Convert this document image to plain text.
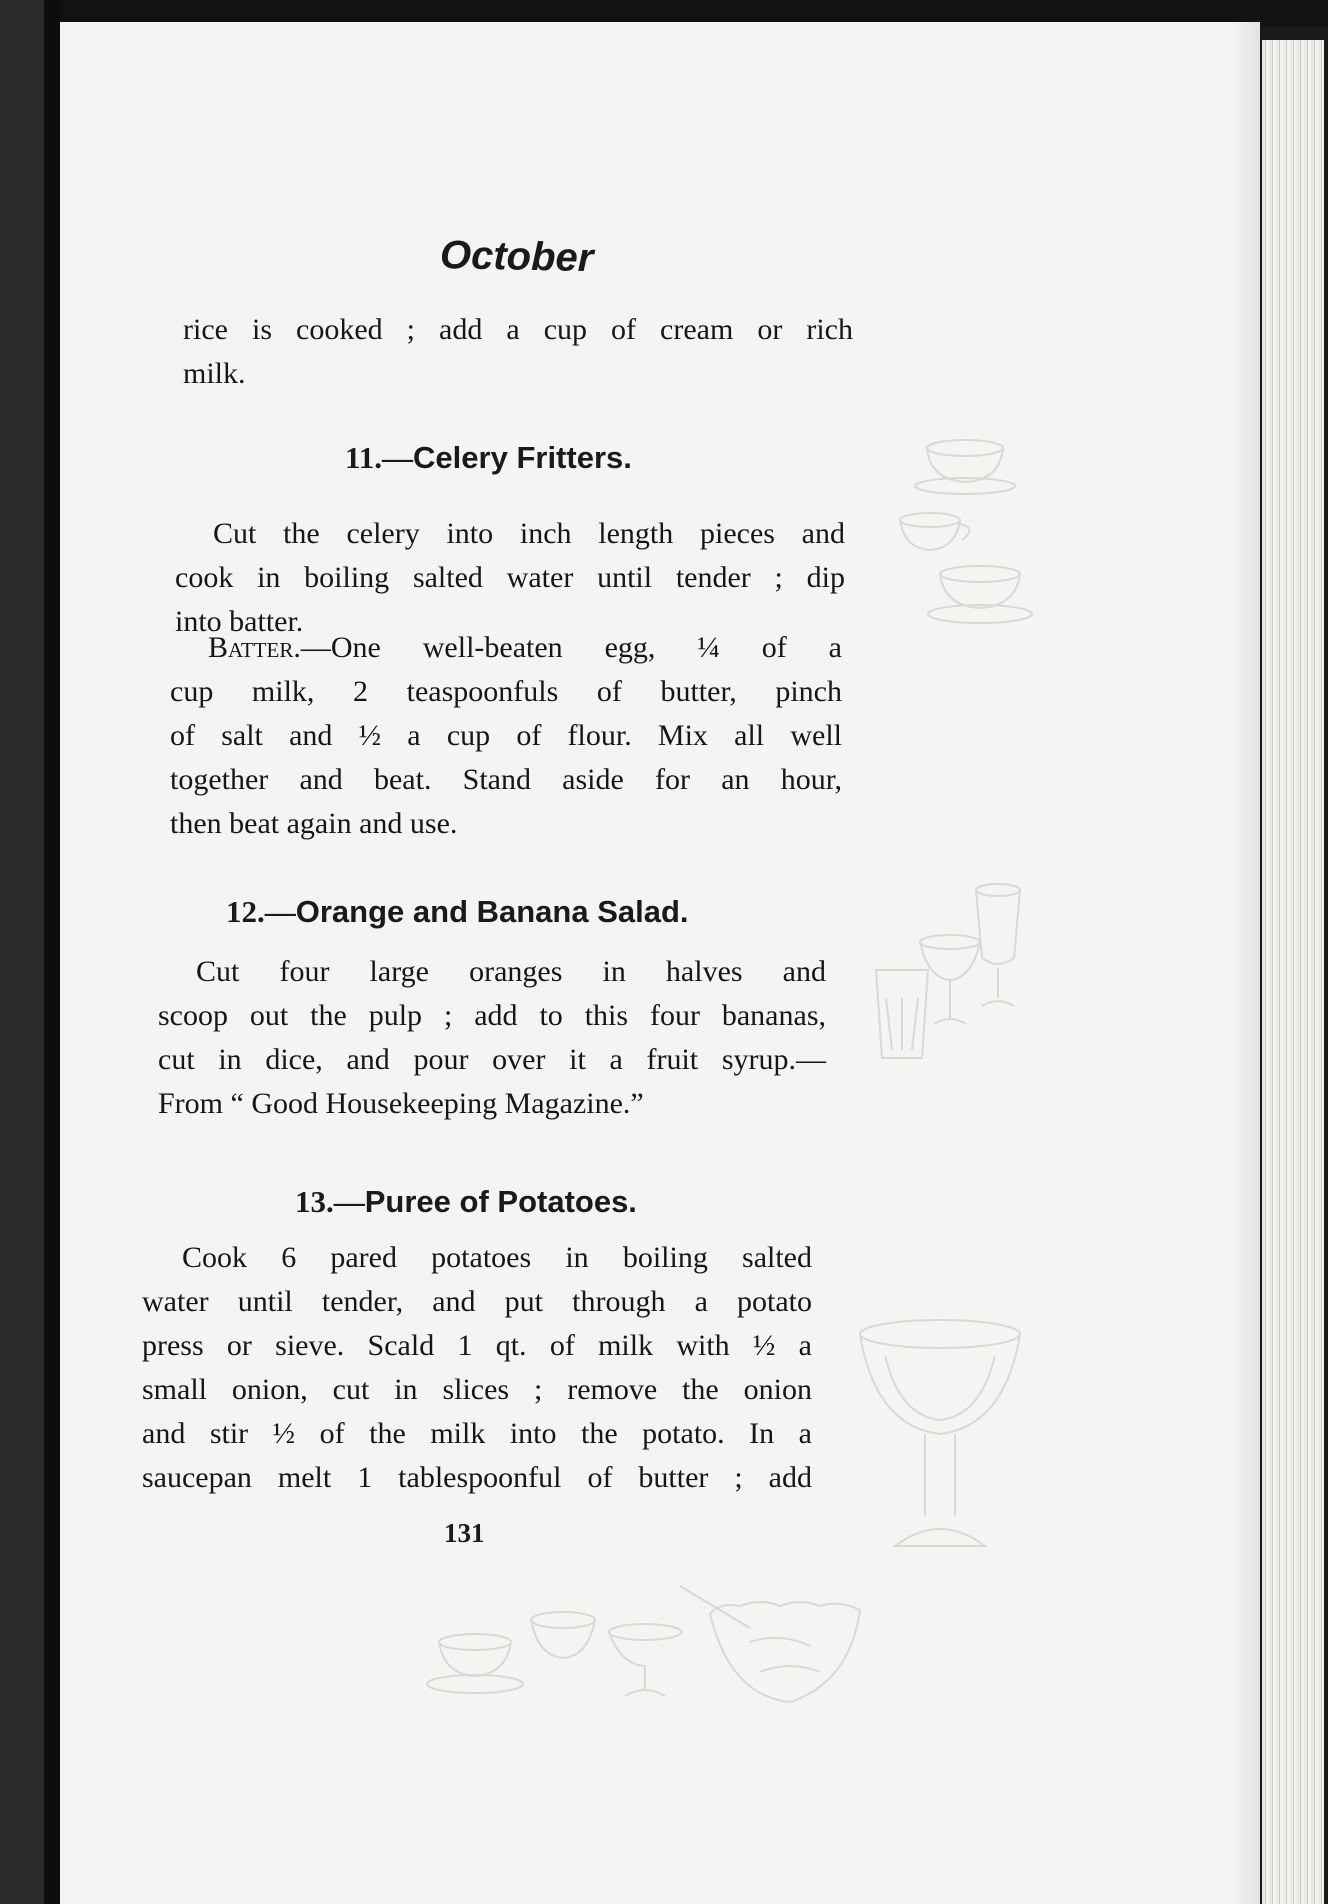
October
rice is cooked ; add a cup of cream or rich
milk.
11.—Celery Fritters.
Cut the celery into inch length pieces and
cook in boiling salted water until tender ; dip
into batter.
Batter.—One well-beaten egg, ¼ of a
cup milk, 2 teaspoonfuls of butter, pinch
of salt and ½ a cup of flour. Mix all well
together and beat. Stand aside for an hour,
then beat again and use.
12.—Orange and Banana Salad.
Cut four large oranges in halves and
scoop out the pulp ; add to this four bananas,
cut in dice, and pour over it a fruit syrup.—
From “ Good Housekeeping Magazine.”
13.—Puree of Potatoes.
Cook 6 pared potatoes in boiling salted
water until tender, and put through a potato
press or sieve. Scald 1 qt. of milk with ½ a
small onion, cut in slices ; remove the onion
and stir ½ of the milk into the potato. In a
saucepan melt 1 tablespoonful of butter ; add
131
